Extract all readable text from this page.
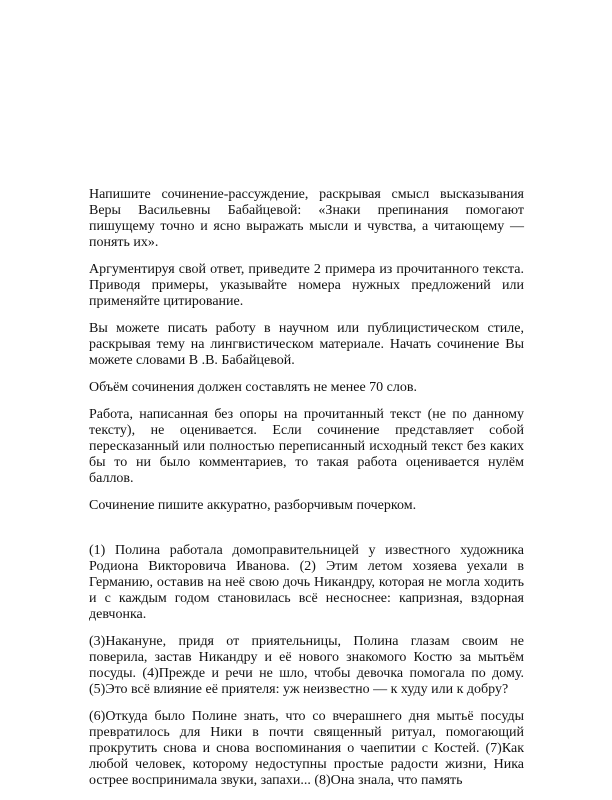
Напишите сочинение-рассуждение, раскрывая смысл высказывания Веры Васильевны Бабайцевой: «Знаки препинания помогают пишущему точно и ясно выражать мысли и чувства, а читающему — понять их».

Аргументируя свой ответ, приведите 2 примера из прочитанного текста. Приводя примеры, указывайте номера нужных предложений или применяйте цитирование.

Вы можете писать работу в научном или публицистическом стиле, раскрывая тему на лингвистическом материале. Начать сочинение Вы можете словами В .В. Бабайцевой.

Объём сочинения должен составлять не менее 70 слов.

Работа, написанная без опоры на прочитанный текст (не по данному тексту), не оценивается. Если сочинение представляет собой пересказанный или полностью переписанный исходный текст без каких бы то ни было комментариев, то такая работа оценивается нулём баллов.

Сочинение пишите аккуратно, разборчивым почерком.

(1) Полина работала домоправительницей у известного художника Родиона Викторовича Иванова. (2) Этим летом хозяева уехали в Германию, оставив на неё свою дочь Никандру, которая не могла ходить и с каждым годом становилась всё несноснее: капризная, вздорная девчонка.

(3)Накануне, придя от приятельницы, Полина глазам своим не поверила, застав Никандру и её нового знакомого Костю за мытьём посуды. (4)Прежде и речи не шло, чтобы девочка помогала по дому. (5)Это всё влияние её приятеля: уж неизвестно — к худу или к добру?

(6)Откуда было Полине знать, что со вчерашнего дня мытьё посуды превратилось для Ники в почти священный ритуал, помогающий прокрутить снова и снова воспоминания о чаепитии с Костей. (7)Как любой человек, которому недоступны простые радости жизни, Ника острее воспринимала звуки, запахи... (8)Она знала, что память
